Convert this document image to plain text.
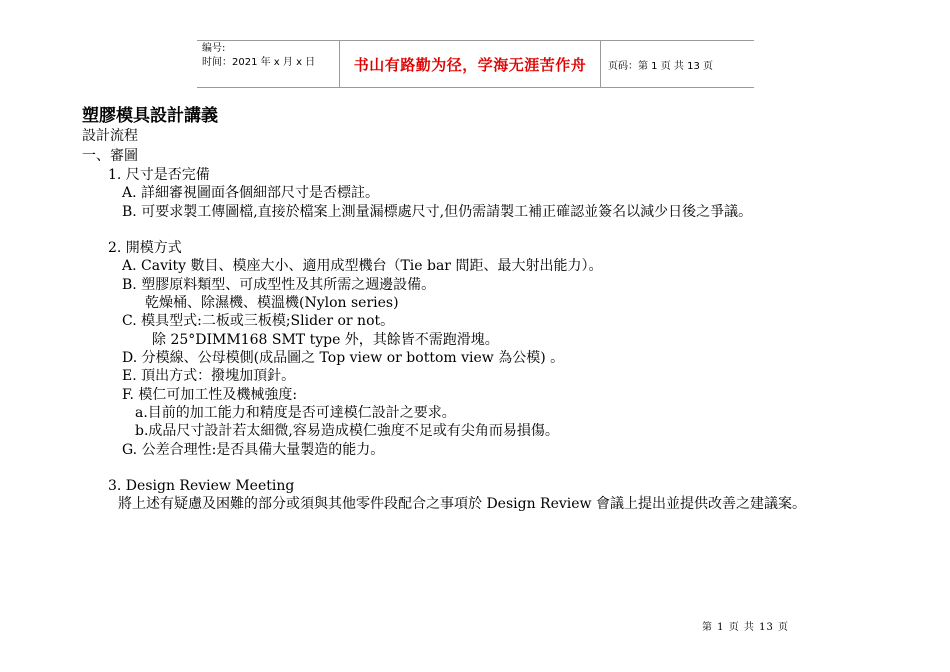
编号:
时间：2021 年 x 月 x 日	书山有路勤为径，学海无涯苦作舟 页码：第 1 页 共 13 页
塑膠模具設計講義
設計流程
一、審圖
1. 尺寸是否完備
A. 詳細審視圖面各個細部尺寸是否標註。
B. 可要求製工傳圖檔,直接於檔案上測量漏標處尺寸,但仍需請製工補正確認並簽名以減少日後之爭議。
2. 開模方式
A. Cavity 數目、模座大小、適用成型機台（Tie bar 間距、最大射出能力）。
B. 塑膠原料類型、可成型性及其所需之週邊設備。
乾燥桶、除濕機、模溫機(Nylon series)
C. 模具型式:二板或三板模;Slider or not。
除 25°DIMM168 SMT type 外，其餘皆不需跑滑塊。
D. 分模線、公母模側(成品圖之 Top view or bottom view 為公模) 。
E. 頂出方式：撥塊加頂針。
F. 模仁可加工性及機械強度:
a.目前的加工能力和精度是否可達模仁設計之要求。
b.成品尺寸設計若太細微,容易造成模仁強度不足或有尖角而易損傷。
G. 公差合理性:是否具備大量製造的能力。
3. Design Review Meeting
將上述有疑慮及困難的部分或須與其他零件段配合之事項於 Design Review 會議上提出並提供改善之建議案。
第 1 页 共 13 页
